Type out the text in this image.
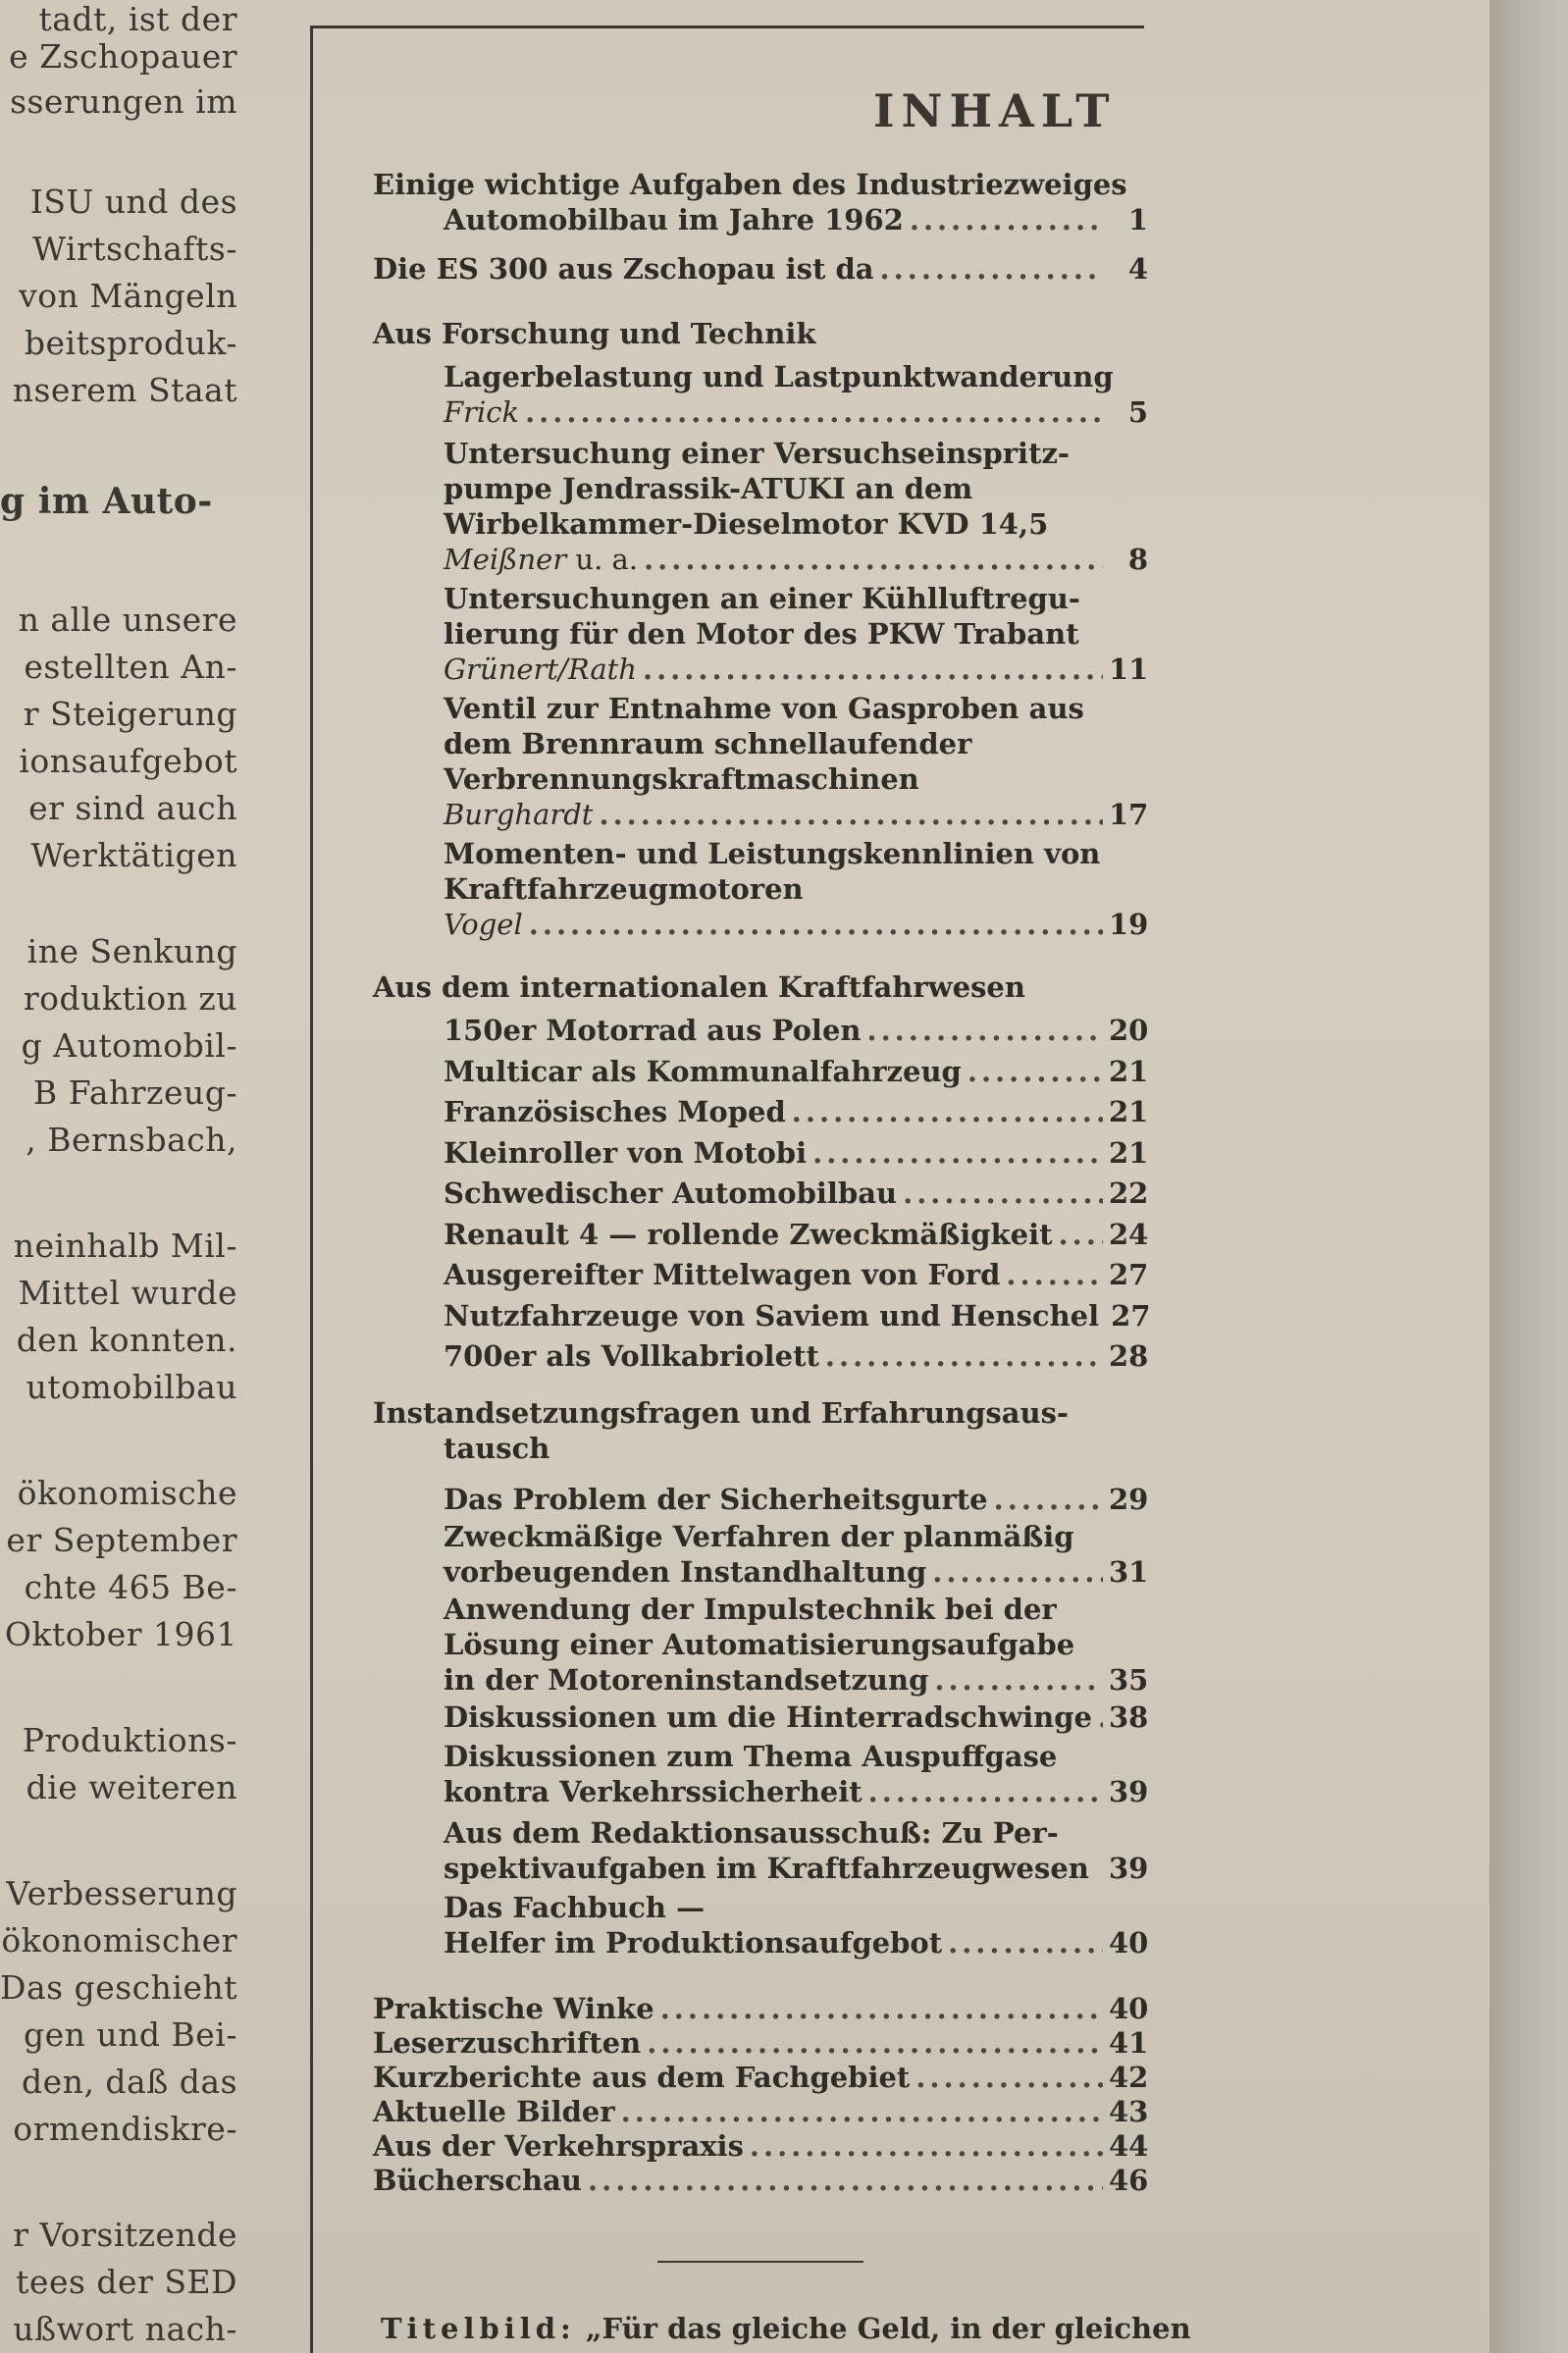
tadt, ist der
e Zschopauer
sserungen im
ISU und des
Wirtschafts-
von Mängeln
beitsproduk-
nserem Staat
g im Auto-
n alle unsere
estellten An-
r Steigerung
ionsaufgebot
er sind auch
Werktätigen
ine Senkung
roduktion zu
g Automobil-
B Fahrzeug-
, Bernsbach,
neinhalb Mil-
Mittel wurde
den konnten.
utomobilbau
ökonomische
er September
chte 465 Be-
Oktober 1961
Produktions-
die weiteren
Verbesserung
ökonomischer
Das geschieht
gen und Bei-
den, daß das
ormendiskre-
r Vorsitzende
tees der SED
ußwort nach-
INHALT
Einige wichtige Aufgaben des Industriezweiges
Automobilbau im Jahre 1962 .....	1
Die ES 300 aus Zschopau ist da .....	4
Aus Forschung und Technik
Lagerbelastung und Lastpunktwanderung
Frick .....	5
Untersuchung einer Versuchseinspritz-
pumpe Jendrassik-ATUKI an dem
Wirbelkammer-Dieselmotor KVD 14,5
Meißner u. a. .....	8
Untersuchungen an einer Kühlluftregu-
lierung für den Motor des PKW Trabant
Grünert/Rath .....	11
Ventil zur Entnahme von Gasproben aus
dem Brennraum schnellaufender
Verbrennungskraftmaschinen
Burghardt .....	17
Momenten- und Leistungskennlinien von
Kraftfahrzeugmotoren
Vogel .....	19
Aus dem internationalen Kraftfahrwesen
150er Motorrad aus Polen .....	20
Multicar als Kommunalfahrzeug .....	21
Französisches Moped .....	21
Kleinroller von Motobi .....	21
Schwedischer Automobilbau .....	22
Renault 4 — rollende Zweckmäßigkeit ..... 24
Ausgereifter Mittelwagen von Ford .....	27
Nutzfahrzeuge von Saviem und Henschel 27
700er als Vollkabriolett .....	28
Instandsetzungsfragen und Erfahrungsaus-
tausch
Das Problem der Sicherheitsgurte .....	29
Zweckmäßige Verfahren der planmäßig
vorbeugenden Instandhaltung .....	31
Anwendung der Impulstechnik bei der
Lösung einer Automatisierungsaufgabe
in der Motoreninstandsetzung .....	35
Diskussionen um die Hinterradschwinge ..... 38
Diskussionen zum Thema Auspuffgase
kontra Verkehrssicherheit .....	39
Aus dem Redaktionsausschuß: Zu Per-
spektivaufgaben im Kraftfahrzeugwesen 39
Das Fachbuch —
Helfer im Produktionsaufgebot .....	40
Praktische Winke .....	40
Leserzuschriften .....	41
Kurzberichte aus dem Fachgebiet .....	42
Aktuelle Bilder .....	43
Aus der Verkehrspraxis .....	44
Bücherschau .....	46
Titelbild: „Für das gleiche Geld, in der gleichen
